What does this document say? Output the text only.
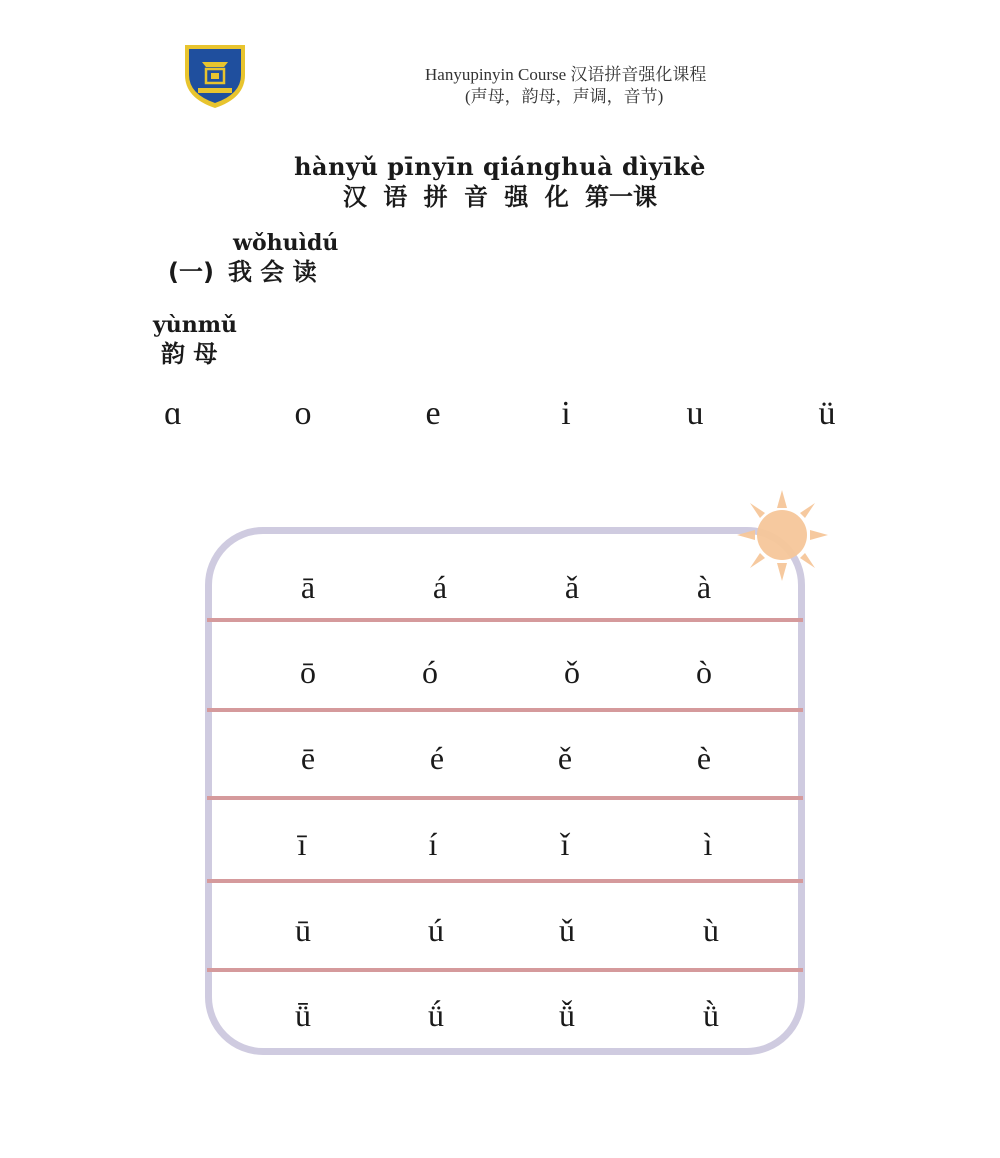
Hanyupinyin Course 汉语拼音强化课程
(声母，韵母，声调，音节)
hànyǔ pīnyīn qiánghuà dìyīkè
汉 语 拼 音 强 化 第一课
wǒhuìdú
(一) 我 会 读
yùnmǔ
韵 母
ɑ	o	e	i	u	ü
ā	á	ǎ	à
ō	ó	ǒ	ò
ē	é	ě	è
ī	í	ǐ	ì
ū	ú	ǔ	ù
ǖ	ǘ	ǚ	ǜ
